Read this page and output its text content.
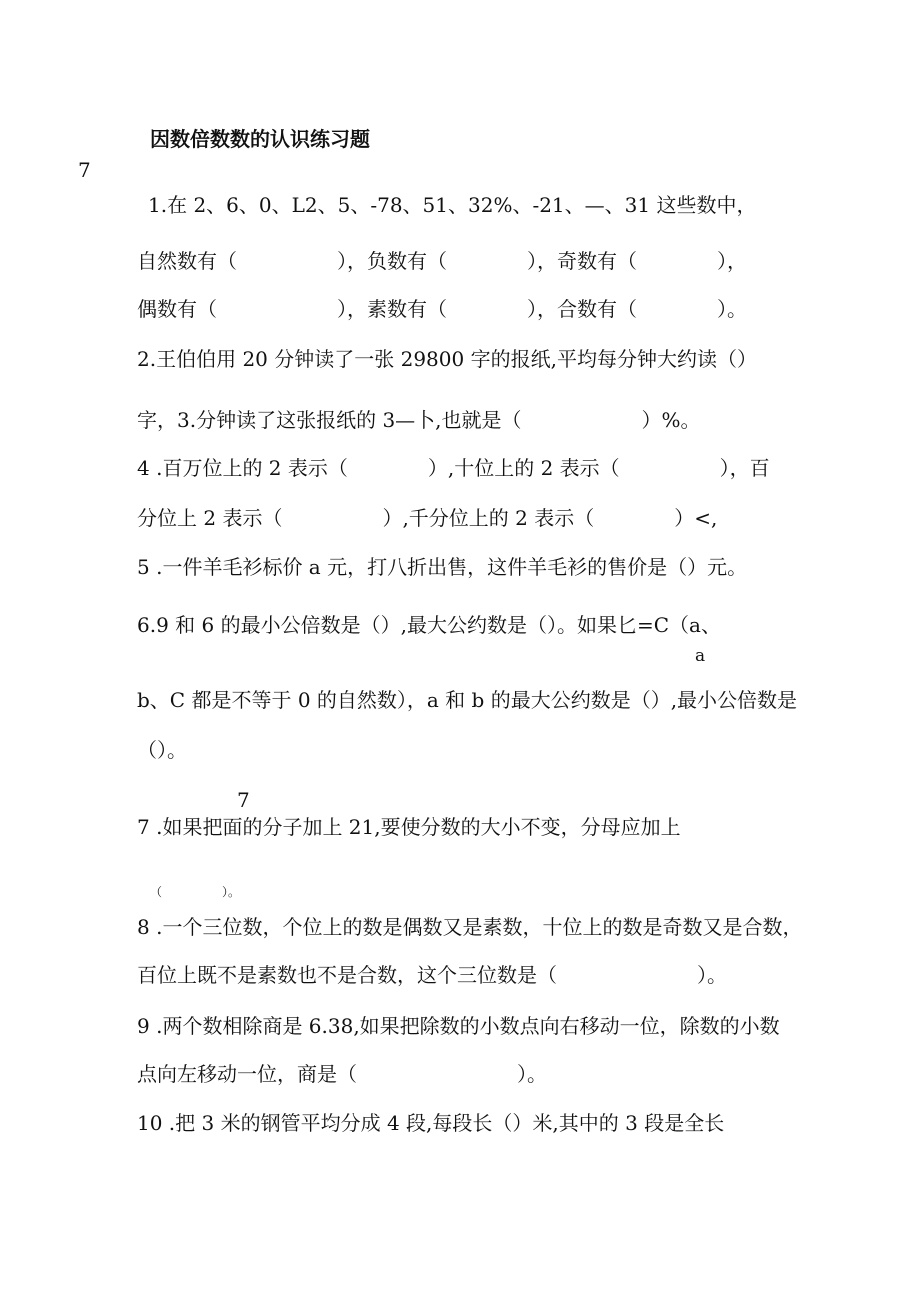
因数倍数数的认识练习题
7
1.在 2、6、0、L2、5、-78、51、32%、-21、—、31 这些数中，
自然数有（　　　　　），负数有（　　　　），奇数有（　　　　），
偶数有（　　　　　　），素数有（　　　　），合数有（　　　　）。
2.王伯伯用 20 分钟读了一张 29800 字的报纸,平均每分钟大约读（）
字，3.分钟读了这张报纸的 3—卜,也就是（　　　　　　）%。
4 .百万位上的 2 表示（　　　　）,十位上的 2 表示（　　　　　），百
分位上 2 表示（　　　　　）,千分位上的 2 表示（　　　　）<,
5 .一件羊毛衫标价 a 元，打八折出售，这件羊毛衫的售价是（）元。
6.9 和 6 的最小公倍数是（）,最大公约数是（）。如果匕=C（a、
a
b、C 都是不等于 0 的自然数），a 和 b 的最大公约数是（）,最小公倍数是
（）。
7
7 .如果把面的分子加上 21,要使分数的大小不变，分母应加上
（　　　　　）。
8 .一个三位数，个位上的数是偶数又是素数，十位上的数是奇数又是合数，
百位上既不是素数也不是合数，这个三位数是（　　　　　　　）。
9 .两个数相除商是 6.38,如果把除数的小数点向右移动一位，除数的小数
点向左移动一位，商是（　　　　　　　　）。
10 .把 3 米的钢管平均分成 4 段,每段长（）米,其中的 3 段是全长
